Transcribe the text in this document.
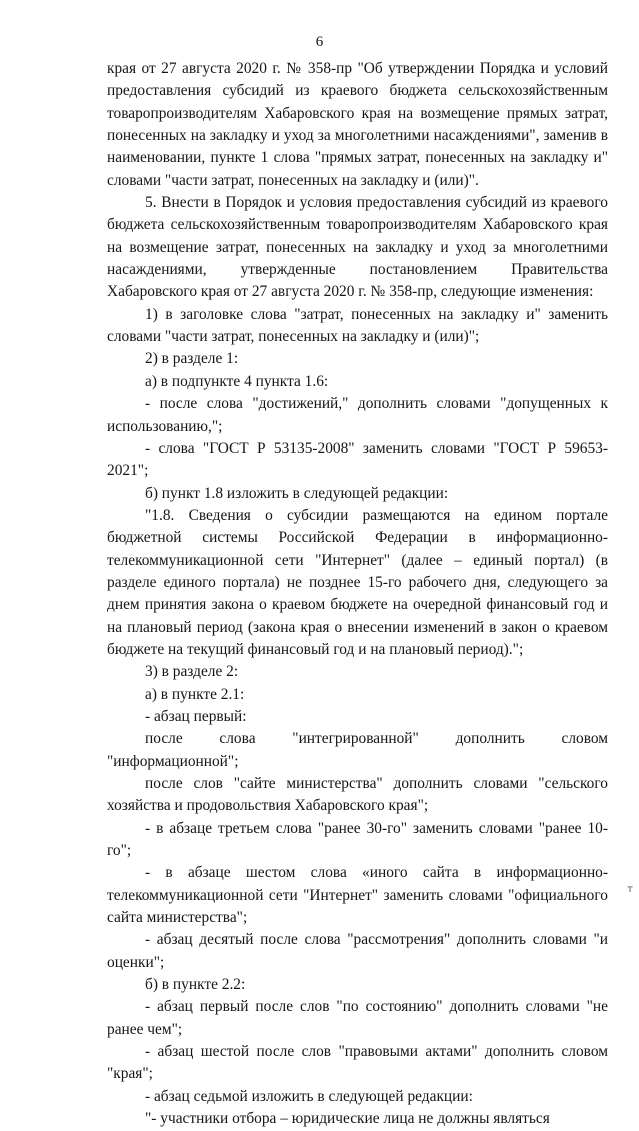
6

края от 27 августа 2020 г. № 358-пр "Об утверждении Порядка и условий предоставления субсидий из краевого бюджета сельскохозяйственным товаропроизводителям Хабаровского края на возмещение прямых затрат, понесенных на закладку и уход за многолетними насаждениями", заменив в наименовании, пункте 1 слова "прямых затрат, понесенных на закладку и" словами "части затрат, понесенных на закладку и (или)".

5. Внести в Порядок и условия предоставления субсидий из краевого бюджета сельскохозяйственным товаропроизводителям Хабаровского края на возмещение затрат, понесенных на закладку и уход за многолетними насаждениями, утвержденные постановлением Правительства Хабаровского края от 27 августа 2020 г. № 358-пр, следующие изменения:

1) в заголовке слова "затрат, понесенных на закладку и" заменить словами "части затрат, понесенных на закладку и (или)";

2) в разделе 1:

а) в подпункте 4 пункта 1.6:

- после слова "достижений," дополнить словами "допущенных к использованию,";

- слова "ГОСТ Р 53135-2008" заменить словами "ГОСТ Р 59653-2021";

б) пункт 1.8 изложить в следующей редакции:

"1.8. Сведения о субсидии размещаются на едином портале бюджетной системы Российской Федерации в информационно-телекоммуникационной сети "Интернет" (далее – единый портал) (в разделе единого портала) не позднее 15-го рабочего дня, следующего за днем принятия закона о краевом бюджете на очередной финансовый год и на плановый период (закона края о внесении изменений в закон о краевом бюджете на текущий финансовый год и на плановый период).";

3) в разделе 2:

а) в пункте 2.1:

- абзац первый:

после слова "интегрированной" дополнить словом "информационной";

после слов "сайте министерства" дополнить словами "сельского хозяйства и продовольствия Хабаровского края";

- в абзаце третьем слова "ранее 30-го" заменить словами "ранее 10-го";

- в абзаце шестом слова «иного сайта в информационно-телекоммуникационной сети "Интернет" заменить словами "официального сайта министерства";

- абзац десятый после слова "рассмотрения" дополнить словами "и оценки";

б) в пункте 2.2:

- абзац первый после слов "по состоянию" дополнить словами "не ранее чем";

- абзац шестой после слов "правовыми актами" дополнить словом "края";

- абзац седьмой изложить в следующей редакции:

"- участники отбора – юридические лица не должны являться

т
